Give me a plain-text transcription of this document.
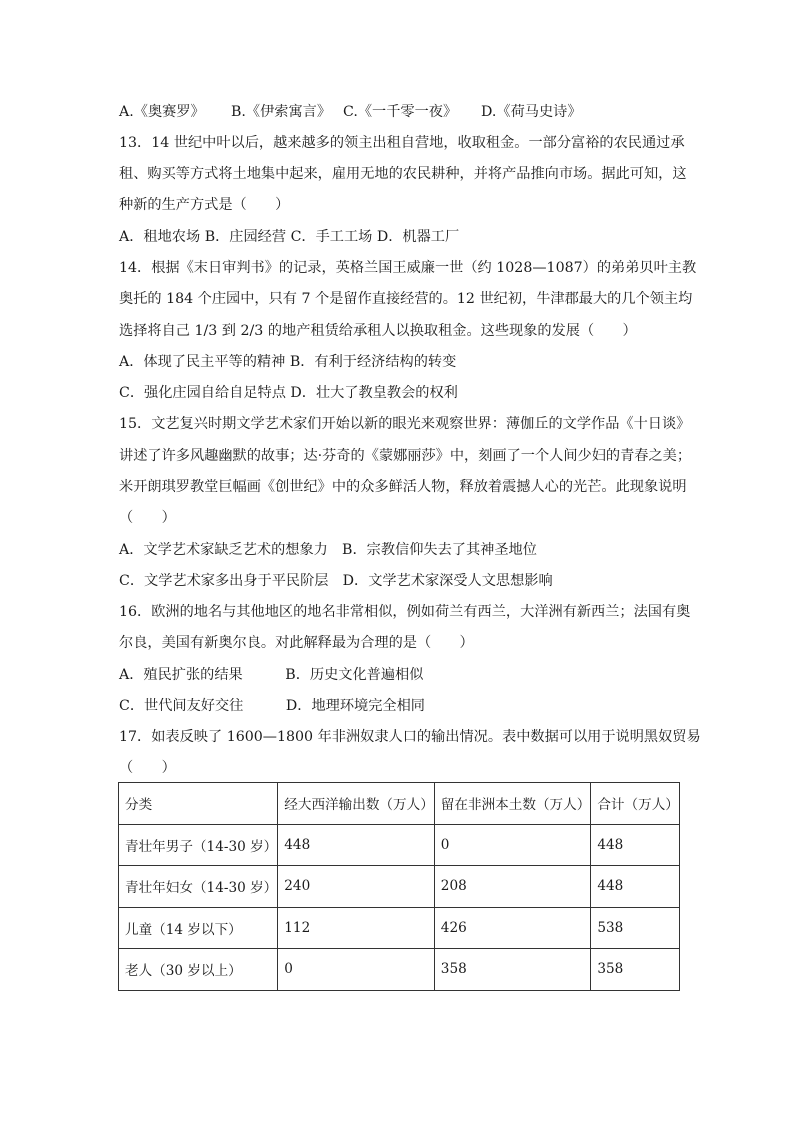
A.《奥赛罗》 B.《伊索寓言》 C.《一千零一夜》 D.《荷马史诗》
13．14 世纪中叶以后，越来越多的领主出租自营地，收取租金。一部分富裕的农民通过承
租、购买等方式将土地集中起来，雇用无地的农民耕种，并将产品推向市场。据此可知，这
种新的生产方式是（　　）
A．租地农场 B．庄园经营 C．手工工场 D．机器工厂
14．根据《末日审判书》的记录，英格兰国王威廉一世（约 1028—1087）的弟弟贝叶主教
奥托的 184 个庄园中，只有 7 个是留作直接经营的。12 世纪初，牛津郡最大的几个领主均
选择将自己 1/3 到 2/3 的地产租赁给承租人以换取租金。这些现象的发展（　　）
A．体现了民主平等的精神 B．有利于经济结构的转变
C．强化庄园自给自足特点 D．壮大了教皇教会的权利
15．文艺复兴时期文学艺术家们开始以新的眼光来观察世界：薄伽丘的文学作品《十日谈》
讲述了许多风趣幽默的故事；达·芬奇的《蒙娜丽莎》中，刻画了一个人间少妇的青春之美；
米开朗琪罗教堂巨幅画《创世纪》中的众多鲜活人物，释放着震撼人心的光芒。此现象说明
（　　）
A．文学艺术家缺乏艺术的想象力　B．宗教信仰失去了其神圣地位
C．文学艺术家多出身于平民阶层　D．文学艺术家深受人文思想影响
16．欧洲的地名与其他地区的地名非常相似，例如荷兰有西兰，大洋洲有新西兰；法国有奥
尔良，美国有新奥尔良。对此解释最为合理的是（　　）
A．殖民扩张的结果　　　B．历史文化普遍相似
C．世代间友好交往　　　D．地理环境完全相同
17．如表反映了 1600—1800 年非洲奴隶人口的输出情况。表中数据可以用于说明黑奴贸易
（　　）
分类	经大西洋输出数（万人）	留在非洲本土数（万人）	合计（万人）
青壮年男子（14-30 岁）	448	0	448
青壮年妇女（14-30 岁）	240	208	448
儿童（14 岁以下）	112	426	538
老人（30 岁以上）	0	358	358
